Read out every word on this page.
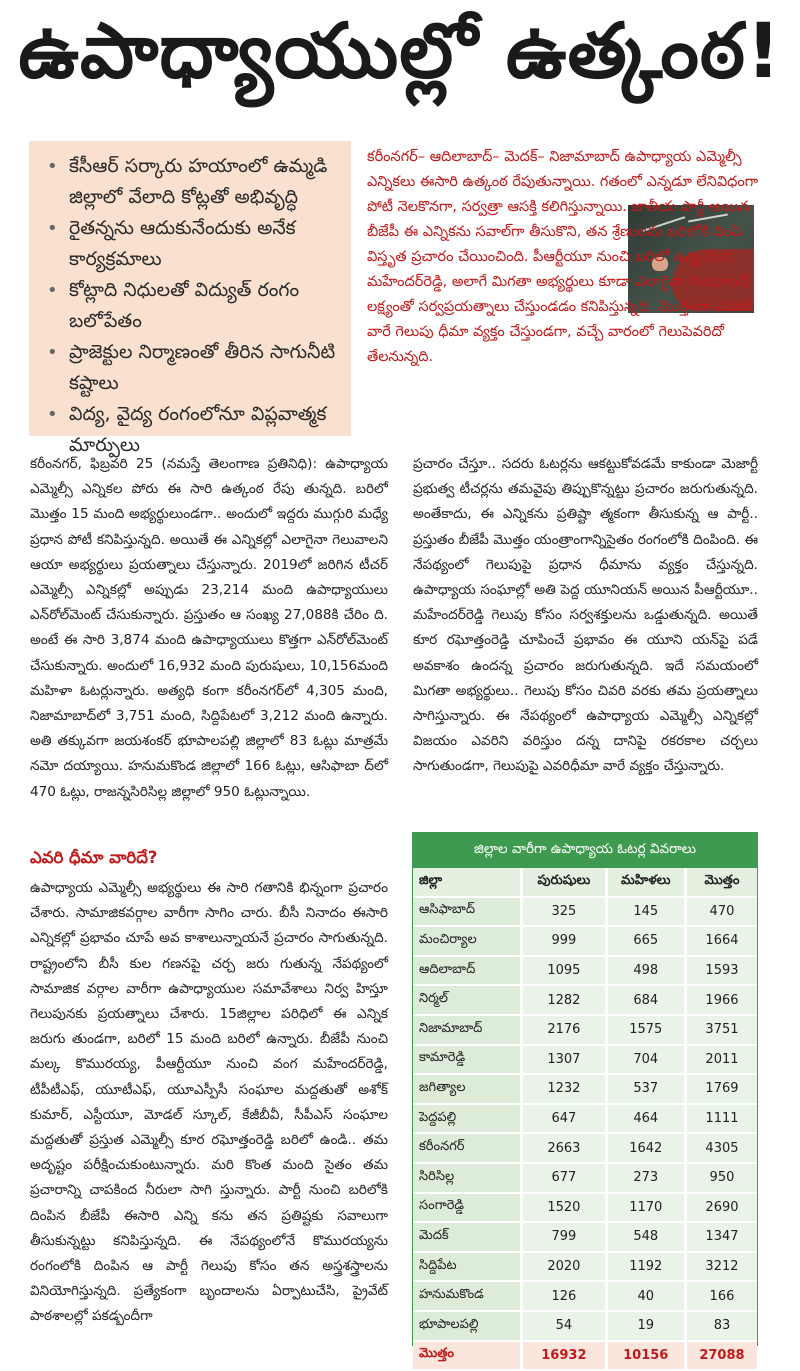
ఉపాధ్యాయుల్లో ఉత్కంఠ!
• కేసీఆర్ సర్కారు హయాంలో ఉమ్మడి జిల్లాలో వేలాది కోట్లతో అభివృద్ధి
• రైతన్నను ఆదుకునేందుకు అనేక కార్యక్రమాలు
• కోట్లాది నిధులతో విద్యుత్ రంగం బలోపేతం
• ప్రాజెక్టుల నిర్మాణంతో తీరిన సాగునీటి కష్టాలు
• విద్య, వైద్య రంగంలోనూ విప్లవాత్మక మార్పులు

కరీంనగర్– ఆదిలాబాద్– మెదక్– నిజామాబాద్ ఉపాధ్యాయ ఎమ్మెల్సీ ఎన్నికలు ఈసారి ఉత్కంఠ రేపుతున్నాయి. గతంలో ఎన్నడూ లేనివిధంగా పోటీ నెలకొనగా, సర్వత్రా ఆసక్తి కలిగిస్తున్నాయి. జాతీయ పార్టీ అయిన బీజేపీ ఈ ఎన్నికను సవాల్‌గా తీసుకొని, తన శ్రేణులను బరిలోకి దింపి విస్తృత ప్రచారం చేయించింది. పీఆర్టీయూ నుంచి బరిలో ఉన్న వంగ మహేందర్‌రెడ్డి, అలాగే మిగతా అభ్యర్థులు కూడా ఎలాగైనా గెలువాలనే లక్ష్యంతో సర్వప్రయత్నాలు చేస్తుండడం కనిపిస్తున్నది. మొత్తంగా ఎవరికి వారే గెలుపు ధీమా వ్యక్తం చేస్తుండగా, వచ్చే వారంలో గెలుపెవరిదో తేలనున్నది.

కరీంనగర్, ఫిబ్రవరి 25 (నమస్తే తెలంగాణ ప్రతినిధి): ఉపాధ్యాయ ఎమ్మెల్సీ ఎన్నికల పోరు ఈ సారి ఉత్కంఠ రేపు తున్నది. బరిలో మొత్తం 15 మంది అభ్యర్థులుండగా.. అందులో ఇద్దరు ముగ్గురి మధ్యే ప్రధాన పోటీ కనిపిస్తున్నది. అయితే ఈ ఎన్నికల్లో ఎలాగైనా గెలువాలని ఆయా అభ్యర్థులు ప్రయత్నాలు చేస్తున్నారు. 2019లో జరిగిన టీచర్ ఎమ్మెల్సీ ఎన్నికల్లో అప్పుడు 23,214 మంది ఉపాధ్యాయులు ఎన్‌రోల్‌మెంట్ చేసుకున్నారు. ప్రస్తుతం ఆ సంఖ్య 27,088కి చేరిం ది. అంటే ఈ సారి 3,874 మంది ఉపాధ్యాయులు కొత్తగా ఎన్‌రోల్‌మెంట్ చేసుకున్నారు. అందులో 16,932 మంది పురుషులు, 10,156మంది మహిళా ఓటర్లున్నారు. అత్యధి కంగా కరీంనగర్‌లో 4,305 మంది, నిజామాబాద్‌లో 3,751 మంది, సిద్దిపేటలో 3,212 మంది ఉన్నారు. అతి తక్కువగా జయశంకర్ భూపాలపల్లి జిల్లాలో 83 ఓట్లు మాత్రమే నమో దయ్యాయి. హనుమకొండ జిల్లాలో 166 ఓట్లు, ఆసిఫాబా ద్‌లో 470 ఓట్లు, రాజన్నసిరిసిల్ల జిల్లాలో 950 ఓట్లున్నాయి.

ఎవరి ధీమా వారిదే?

ఉపాధ్యాయ ఎమ్మెల్సీ అభ్యర్థులు ఈ సారి గతానికి భిన్నంగా ప్రచారం చేశారు. సామాజికవర్గాల వారీగా సాగిం చారు. బీసీ నినాదం ఈసారి ఎన్నికల్లో ప్రభావం చూపే అవ కాశాలున్నాయనే ప్రచారం సాగుతున్నది. రాష్ట్రంలోని బీసీ కుల గణనపై చర్చ జరు గుతున్న నేపథ్యంలో సామాజిక వర్గాల వారీగా ఉపాధ్యాయుల సమావేశాలు నిర్వ హిస్తూ గెలుపునకు ప్రయత్నాలు చేశారు. 15జిల్లాల పరిధిలో ఈ ఎన్నిక జరుగు తుండగా, బరిలో 15 మంది బరిలో ఉన్నారు. బీజేపీ నుంచి మల్క కొమురయ్య, పీఆర్టీయూ నుంచి వంగ మహేందర్‌రెడ్డి, టీపీటీఎఫ్, యూటీఎఫ్, యూఎస్పీసీ సంఘాల మద్దతుతో అశోక్ కుమార్, ఎస్టీయూ, మోడల్ స్కూల్, కేజీబీవీ, సీపీఎస్ సంఘాల మద్దతుతో ప్రస్తుత ఎమ్మెల్సీ కూర రఘోత్తంరెడ్డి బరిలో ఉండి.. తమ అదృష్టం పరీక్షించుకుంటున్నారు. మరి కొంత మంది సైతం తమ ప్రచారాన్ని చాపకింద నీరులా సాగి స్తున్నారు. పార్టీ నుంచి బరిలోకి దింపిన బీజేపీ ఈసారి ఎన్ని కను తన ప్రతిష్టకు సవాలుగా తీసుకున్నట్టు కనిపిస్తున్నది. ఈ నేపథ్యంలోనే కొమురయ్యను రంగంలోకి దింపిన ఆ పార్టీ గెలుపు కోసం తన అస్త్రశస్త్రాలను వినియోగిస్తున్నది. ప్రత్యేకంగా బృందాలను ఏర్పాటుచేసి, ప్రైవేట్ పాఠశాలల్లో పకడ్బందీగా

ప్రచారం చేస్తూ.. సదరు ఓటర్లను ఆకట్టుకోవడమే కాకుండా మెజార్టీ ప్రభుత్వ టీచర్లను తమవైపు తిప్పుకొన్నట్టు ప్రచారం జరుగుతున్నది. అంతేకాదు, ఈ ఎన్నికను ప్రతిష్టా త్మకంగా తీసుకున్న ఆ పార్టీ.. ప్రస్తుతం బీజేపీ మొత్తం యంత్రాంగాన్నిసైతం రంగంలోకి దింపింది. ఈ నేపథ్యంలో గెలుపుపై ప్రధాన ధీమాను వ్యక్తం చేస్తున్నది. ఉపాధ్యాయ సంఘాల్లో అతి పెద్ద యూనియన్ అయిన పీఆర్టీయూ.. మహేందర్‌రెడ్డి గెలుపు కోసం సర్వశక్తులను ఒడ్డుతున్నది. అయితే కూర రఘోత్తంరెడ్డి చూపించే ప్రభావం ఈ యూని యన్‌పై పడే అవకాశం ఉందన్న ప్రచారం జరుగుతున్నది. ఇదే సమయంలో మిగతా అభ్యర్థులు.. గెలుపు కోసం చివరి వరకు తమ ప్రయత్నాలు సాగిస్తున్నారు. ఈ నేపథ్యంలో ఉపాధ్యాయ ఎమ్మెల్సీ ఎన్నికల్లో విజయం ఎవరిని వరిస్తుం దన్న దానిపై రకరకాల చర్చలు సాగుతుండగా, గెలుపుపై ఎవరిధీమా వారే వ్యక్తం చేస్తున్నారు.

జిల్లాల వారీగా ఉపాధ్యాయ ఓటర్ల వివరాలు
జిల్లా	పురుషులు	మహిళలు	మొత్తం
ఆసిఫాబాద్	325	145	470
మంచిర్యాల	999	665	1664
ఆదిలాబాద్	1095	498	1593
నిర్మల్	1282	684	1966
నిజామాబాద్	2176	1575	3751
కామారెడ్డి	1307	704	2011
జగిత్యాల	1232	537	1769
పెద్దపల్లి	647	464	1111
కరీంనగర్	2663	1642	4305
సిరిసిల్ల	677	273	950
సంగారెడ్డి	1520	1170	2690
మెదక్	799	548	1347
సిద్దిపేట	2020	1192	3212
హనుమకొండ	126	40	166
భూపాలపల్లి	54	19	83
మొత్తం	16932	10156	27088
